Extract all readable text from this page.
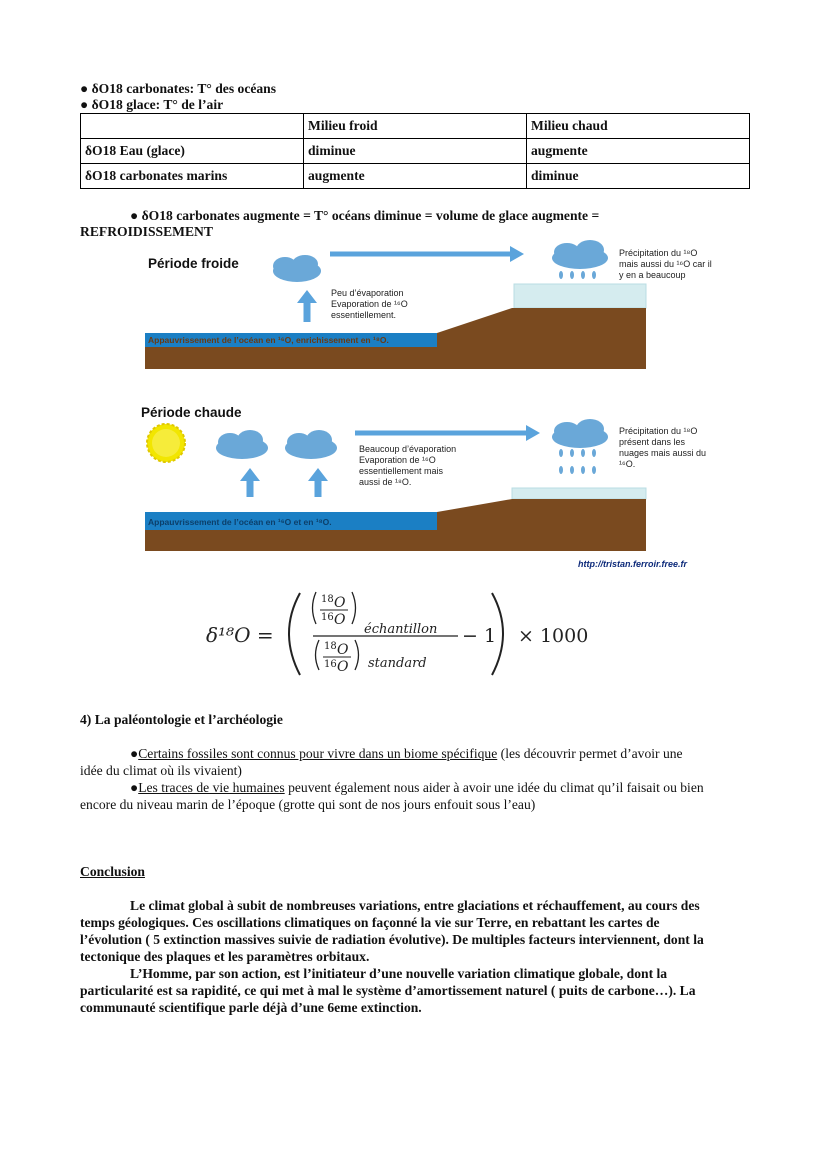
● δO18 carbonates: T° des océans
● δO18 glace: T° de l’air
	Milieu froid	Milieu chaud
δO18 Eau (glace)	diminue	augmente
δO18 carbonates marins	augmente	diminue
● δO18 carbonates augmente = T° océans diminue = volume de glace augmente =
REFROIDISSEMENT
Période froide
Peu d’évaporation Evaporation de ¹⁶O essentiellement.
Précipitation du ¹⁸O mais aussi du ¹⁶O car il y en a beaucoup
Appauvrissement de l’océan en ¹⁶O, enrichissement en ¹⁸O.
Période chaude
Beaucoup d’évaporation Evaporation de ¹⁶O essentiellement mais aussi de ¹⁸O.
Précipitation du ¹⁸O présent dans les nuages mais aussi du ¹⁶O.
Appauvrissement de l’océan en ¹⁶O et en ¹⁸O.
http://tristan.ferroir.free.fr
δ¹⁸O =
18 O
16 O
échantillon
18 O
16 O standard
− 1 × 1000
4) La paléontologie et l’archéologie
●Certains fossiles sont connus pour vivre dans un biome spécifique (les découvrir permet d’avoir une
idée du climat où ils vivaient)
●Les traces de vie humaines peuvent également nous aider à avoir une idée du climat qu’il faisait ou bien
encore du niveau marin de l’époque (grotte qui sont de nos jours enfouit sous l’eau)
Conclusion
Le climat global à subit de nombreuses variations, entre glaciations et réchauffement, au cours des
temps géologiques. Ces oscillations climatiques on façonné la vie sur Terre, en rebattant les cartes de
l’évolution ( 5 extinction massives suivie de radiation évolutive). De multiples facteurs interviennent, dont la
tectonique des plaques et les paramètres orbitaux.
L’Homme, par son action, est l’initiateur d’une nouvelle variation climatique globale, dont la
particularité est sa rapidité, ce qui met à mal le système d’amortissement naturel ( puits de carbone…). La
communauté scientifique parle déjà d’une 6eme extinction.
